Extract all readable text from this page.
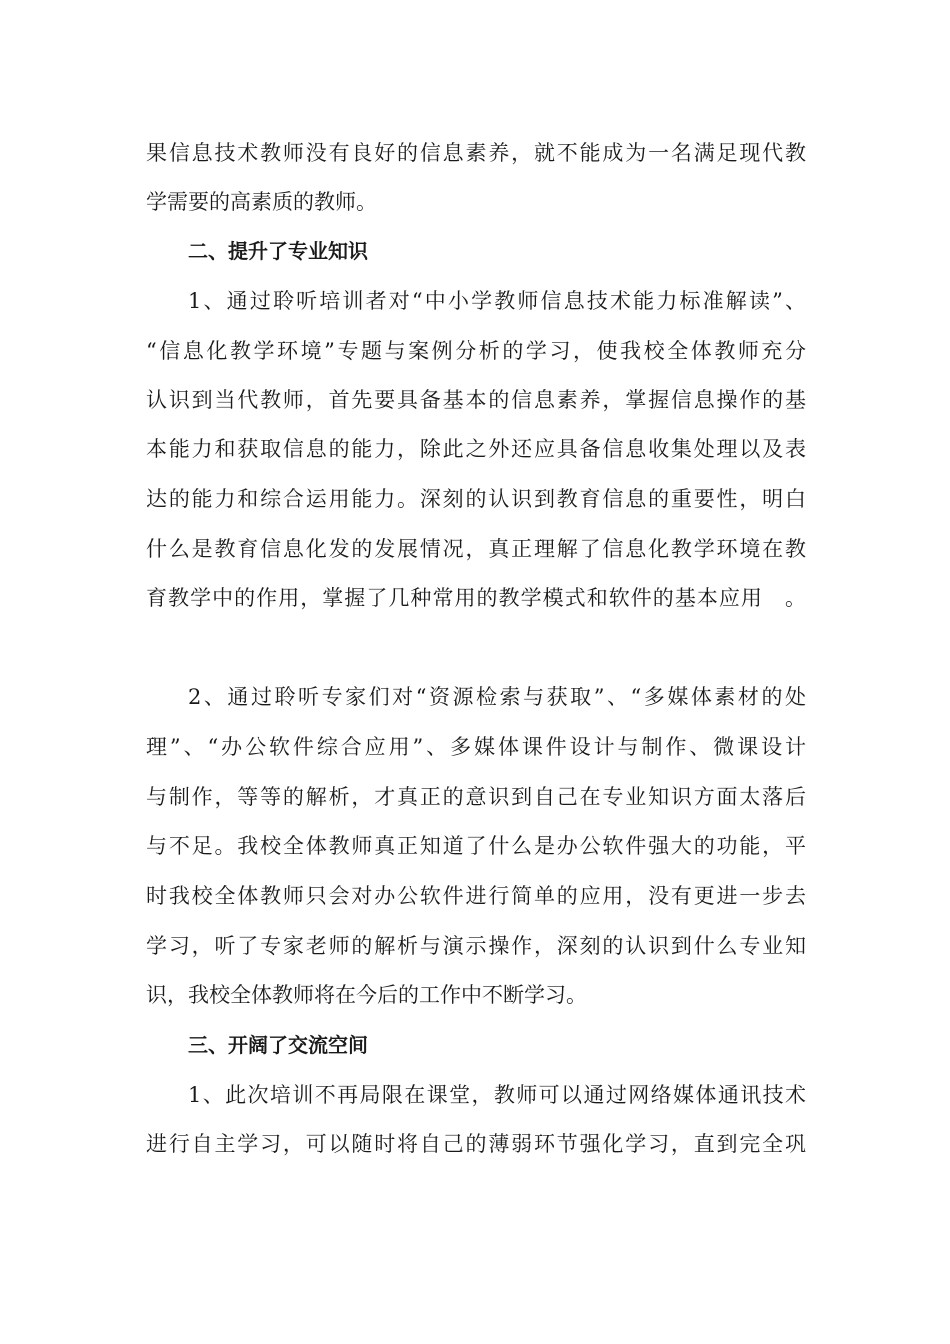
果信息技术教师没有良好的信息素养，就不能成为一名满足现代教
学需要的高素质的教师。
二、提升了专业知识
1、通过聆听培训者对“中小学教师信息技术能力标准解读”、
“信息化教学环境”专题与案例分析的学习，使我校全体教师充分
认识到当代教师，首先要具备基本的信息素养，掌握信息操作的基
本能力和获取信息的能力，除此之外还应具备信息收集处理以及表
达的能力和综合运用能力。深刻的认识到教育信息的重要性，明白
什么是教育信息化发的发展情况，真正理解了信息化教学环境在教
育教学中的作用，掌握了几种常用的教学模式和软件的基本应用　。
2、通过聆听专家们对“资源检索与获取”、“多媒体素材的处
理”、“办公软件综合应用”、多媒体课件设计与制作、微课设计
与制作，等等的解析，才真正的意识到自己在专业知识方面太落后
与不足。我校全体教师真正知道了什么是办公软件强大的功能，平
时我校全体教师只会对办公软件进行简单的应用，没有更进一步去
学习，听了专家老师的解析与演示操作，深刻的认识到什么专业知
识，我校全体教师将在今后的工作中不断学习。
三、开阔了交流空间
1、此次培训不再局限在课堂，教师可以通过网络媒体通讯技术
进行自主学习，可以随时将自己的薄弱环节强化学习，直到完全巩
